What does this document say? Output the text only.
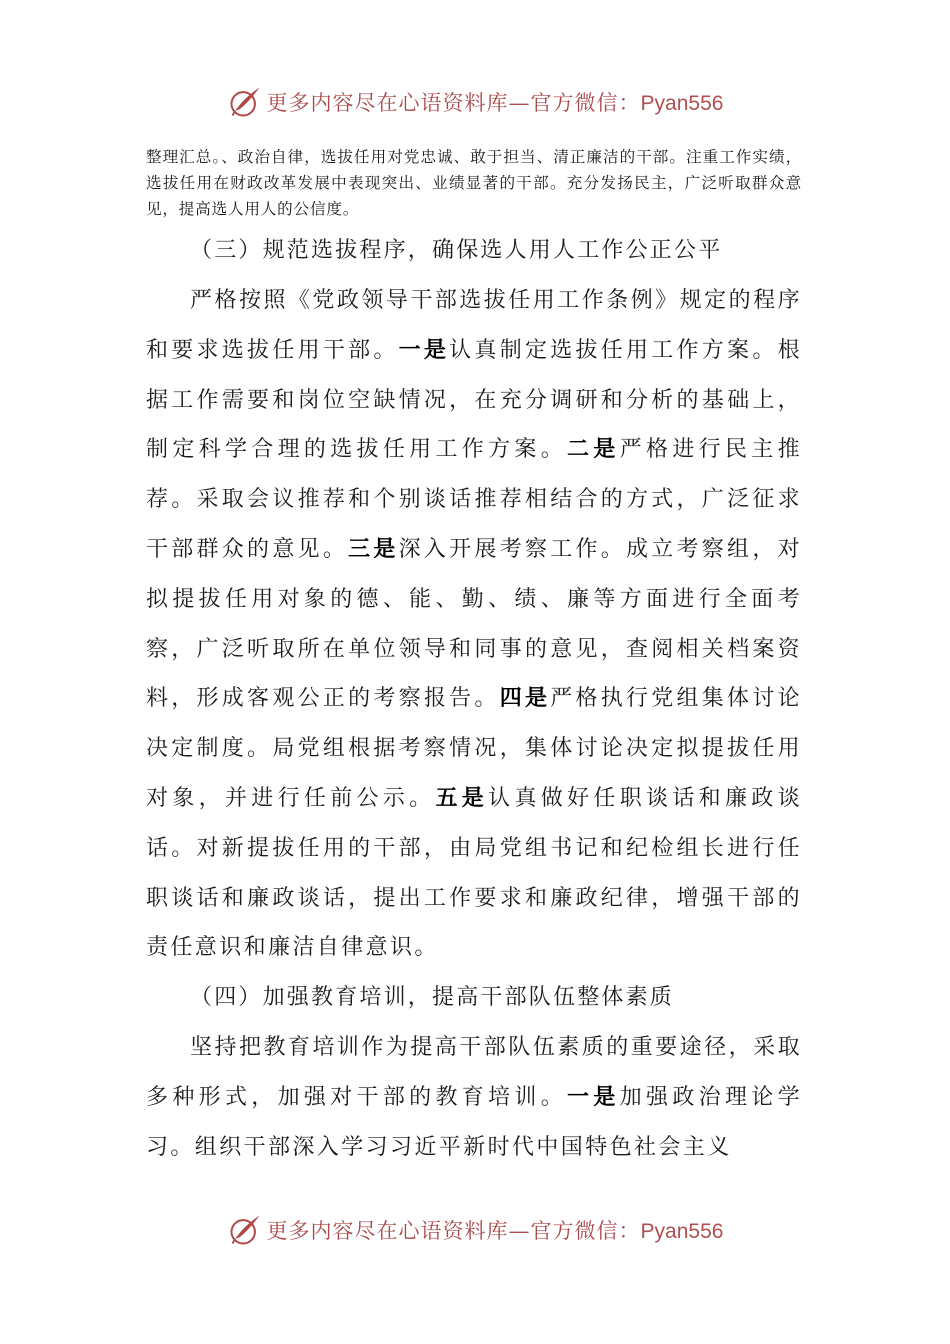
更多内容尽在心语资料库—官方微信：Pyan556

整理汇总。、政治自律，选拔任用对党忠诚、敢于担当、清正廉洁的干部。注重工作实绩，选拔任用在财政改革发展中表现突出、业绩显著的干部。充分发扬民主，广泛听取群众意见，提高选人用人的公信度。

（三）规范选拔程序，确保选人用人工作公正公平

严格按照《党政领导干部选拔任用工作条例》规定的程序和要求选拔任用干部。一是认真制定选拔任用工作方案。根据工作需要和岗位空缺情况，在充分调研和分析的基础上，制定科学合理的选拔任用工作方案。二是严格进行民主推荐。采取会议推荐和个别谈话推荐相结合的方式，广泛征求干部群众的意见。三是深入开展考察工作。成立考察组，对拟提拔任用对象的德、能、勤、绩、廉等方面进行全面考察，广泛听取所在单位领导和同事的意见，查阅相关档案资料，形成客观公正的考察报告。四是严格执行党组集体讨论决定制度。局党组根据考察情况，集体讨论决定拟提拔任用对象，并进行任前公示。五是认真做好任职谈话和廉政谈话。对新提拔任用的干部，由局党组书记和纪检组长进行任职谈话和廉政谈话，提出工作要求和廉政纪律，增强干部的责任意识和廉洁自律意识。

（四）加强教育培训，提高干部队伍整体素质

坚持把教育培训作为提高干部队伍素质的重要途径，采取多种形式，加强对干部的教育培训。一是加强政治理论学习。组织干部深入学习习近平新时代中国特色社会主义

更多内容尽在心语资料库—官方微信：Pyan556
